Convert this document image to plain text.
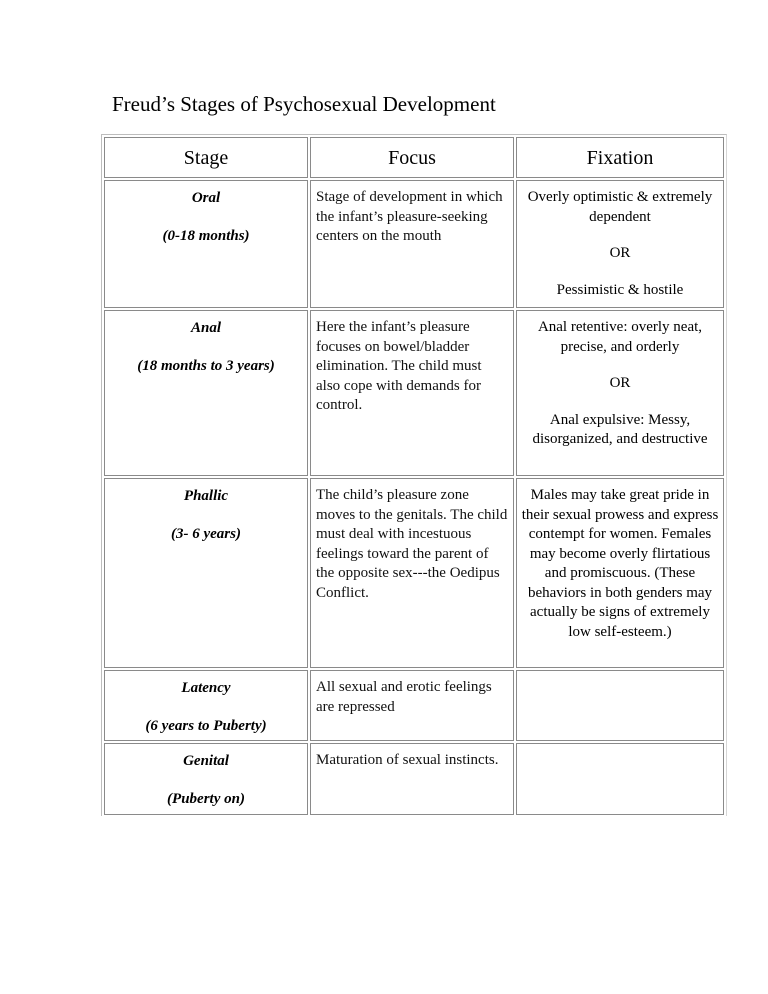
Freud’s Stages of Psychosexual Development
Stage	Focus	Fixation
Oral
(0-18 months)
Stage of development in which the infant’s pleasure-seeking centers on the mouth
Overly optimistic & extremely dependent
OR
Pessimistic & hostile
Anal
(18 months to 3 years)
Here the infant’s pleasure focuses on bowel/bladder elimination. The child must also cope with demands for control.
Anal retentive: overly neat, precise, and orderly
OR
Anal expulsive: Messy, disorganized, and destructive
Phallic
(3- 6 years)
The child’s pleasure zone moves to the genitals. The child must deal with incestuous feelings toward the parent of the opposite sex---the Oedipus Conflict.
Males may take great pride in their sexual prowess and express contempt for women. Females may become overly flirtatious and promiscuous. (These behaviors in both genders may actually be signs of extremely low self-esteem.)
Latency
(6 years to Puberty)
All sexual and erotic feelings are repressed
Genital
(Puberty on)
Maturation of sexual instincts.
